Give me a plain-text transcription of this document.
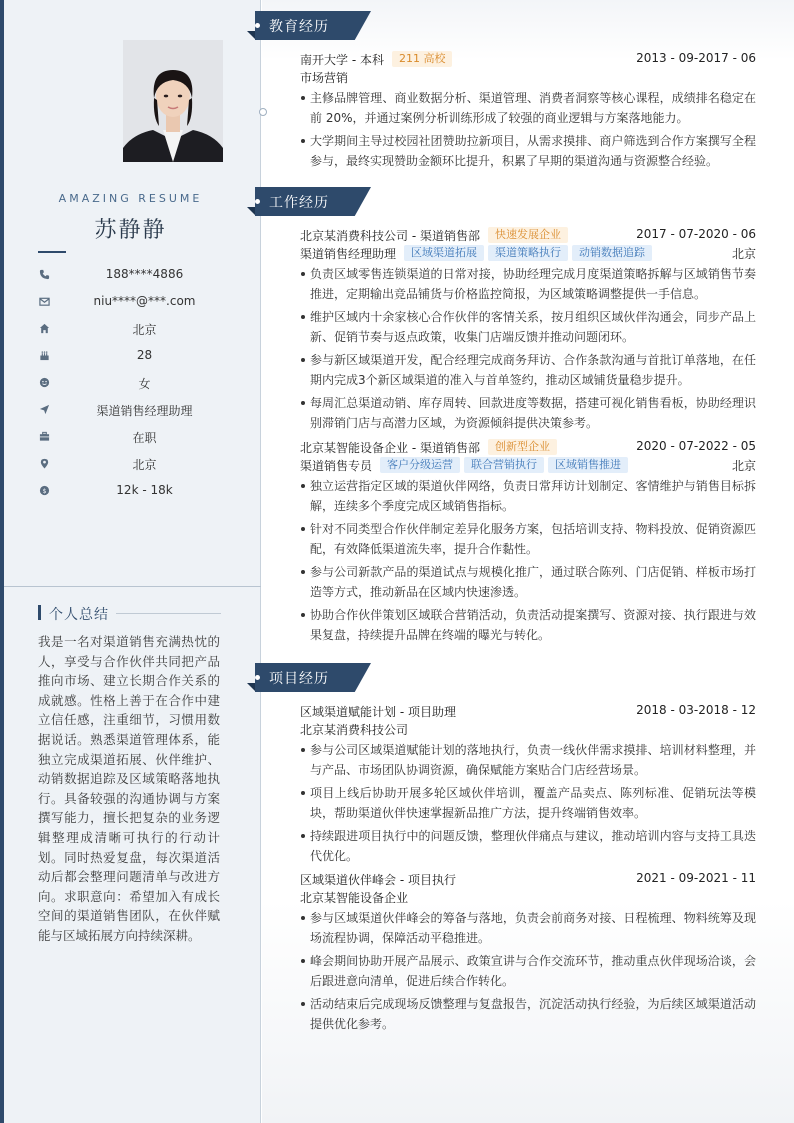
AMAZING RESUME
苏静静
188****4886
niu****@***.com
北京
28
女
渠道销售经理助理
在职
北京
$	12k - 18k
个人总结
我是一名对渠道销售充满热忱的人，享受与合作伙伴共同把产品推向市场、建立长期合作关系的成就感。性格上善于在合作中建立信任感，注重细节，习惯用数据说话。熟悉渠道管理体系，能独立完成渠道拓展、伙伴维护、动销数据追踪及区域策略落地执行。具备较强的沟通协调与方案撰写能力，擅长把复杂的业务逻辑整理成清晰可执行的行动计划。同时热爱复盘，每次渠道活动后都会整理问题清单与改进方向。求职意向：希望加入有成长空间的渠道销售团队，在伙伴赋能与区域拓展方向持续深耕。
教育经历
南开大学 - 本科 211 高校	2013 - 09-2017 - 06
市场营销
主修品牌管理、商业数据分析、渠道管理、消费者洞察等核心课程，成绩排名稳定在前 20%，并通过案例分析训练形成了较强的商业逻辑与方案落地能力。
大学期间主导过校园社团赞助拉新项目，从需求摸排、商户筛选到合作方案撰写全程参与，最终实现赞助金额环比提升，积累了早期的渠道沟通与资源整合经验。
工作经历
北京某消费科技公司 - 渠道销售部 快速发展企业	2017 - 07-2020 - 06
渠道销售经理助理 区域渠道拓展 渠道策略执行 动销数据追踪	北京
负责区域零售连锁渠道的日常对接，协助经理完成月度渠道策略拆解与区域销售节奏推进，定期输出竞品铺货与价格监控简报，为区域策略调整提供一手信息。
维护区域内十余家核心合作伙伴的客情关系，按月组织区域伙伴沟通会，同步产品上新、促销节奏与返点政策，收集门店端反馈并推动问题闭环。
参与新区域渠道开发，配合经理完成商务拜访、合作条款沟通与首批订单落地，在任期内完成3个新区域渠道的准入与首单签约，推动区域铺货量稳步提升。
每周汇总渠道动销、库存周转、回款进度等数据，搭建可视化销售看板，协助经理识别滞销门店与高潜力区域，为资源倾斜提供决策参考。
北京某智能设备企业 - 渠道销售部 创新型企业	2020 - 07-2022 - 05
渠道销售专员 客户分级运营 联合营销执行 区域销售推进	北京
独立运营指定区域的渠道伙伴网络，负责日常拜访计划制定、客情维护与销售目标拆解，连续多个季度完成区域销售指标。
针对不同类型合作伙伴制定差异化服务方案，包括培训支持、物料投放、促销资源匹配，有效降低渠道流失率，提升合作黏性。
参与公司新款产品的渠道试点与规模化推广，通过联合陈列、门店促销、样板市场打造等方式，推动新品在区域内快速渗透。
协助合作伙伴策划区域联合营销活动，负责活动提案撰写、资源对接、执行跟进与效果复盘，持续提升品牌在终端的曝光与转化。
项目经历
区域渠道赋能计划 - 项目助理	2018 - 03-2018 - 12
北京某消费科技公司
参与公司区域渠道赋能计划的落地执行，负责一线伙伴需求摸排、培训材料整理，并与产品、市场团队协调资源，确保赋能方案贴合门店经营场景。
项目上线后协助开展多轮区域伙伴培训，覆盖产品卖点、陈列标准、促销玩法等模块，帮助渠道伙伴快速掌握新品推广方法，提升终端销售效率。
持续跟进项目执行中的问题反馈，整理伙伴痛点与建议，推动培训内容与支持工具迭代优化。
区域渠道伙伴峰会 - 项目执行	2021 - 09-2021 - 11
北京某智能设备企业
参与区域渠道伙伴峰会的筹备与落地，负责会前商务对接、日程梳理、物料统筹及现场流程协调，保障活动平稳推进。
峰会期间协助开展产品展示、政策宣讲与合作交流环节，推动重点伙伴现场洽谈，会后跟进意向清单，促进后续合作转化。
活动结束后完成现场反馈整理与复盘报告，沉淀活动执行经验，为后续区域渠道活动提供优化参考。
